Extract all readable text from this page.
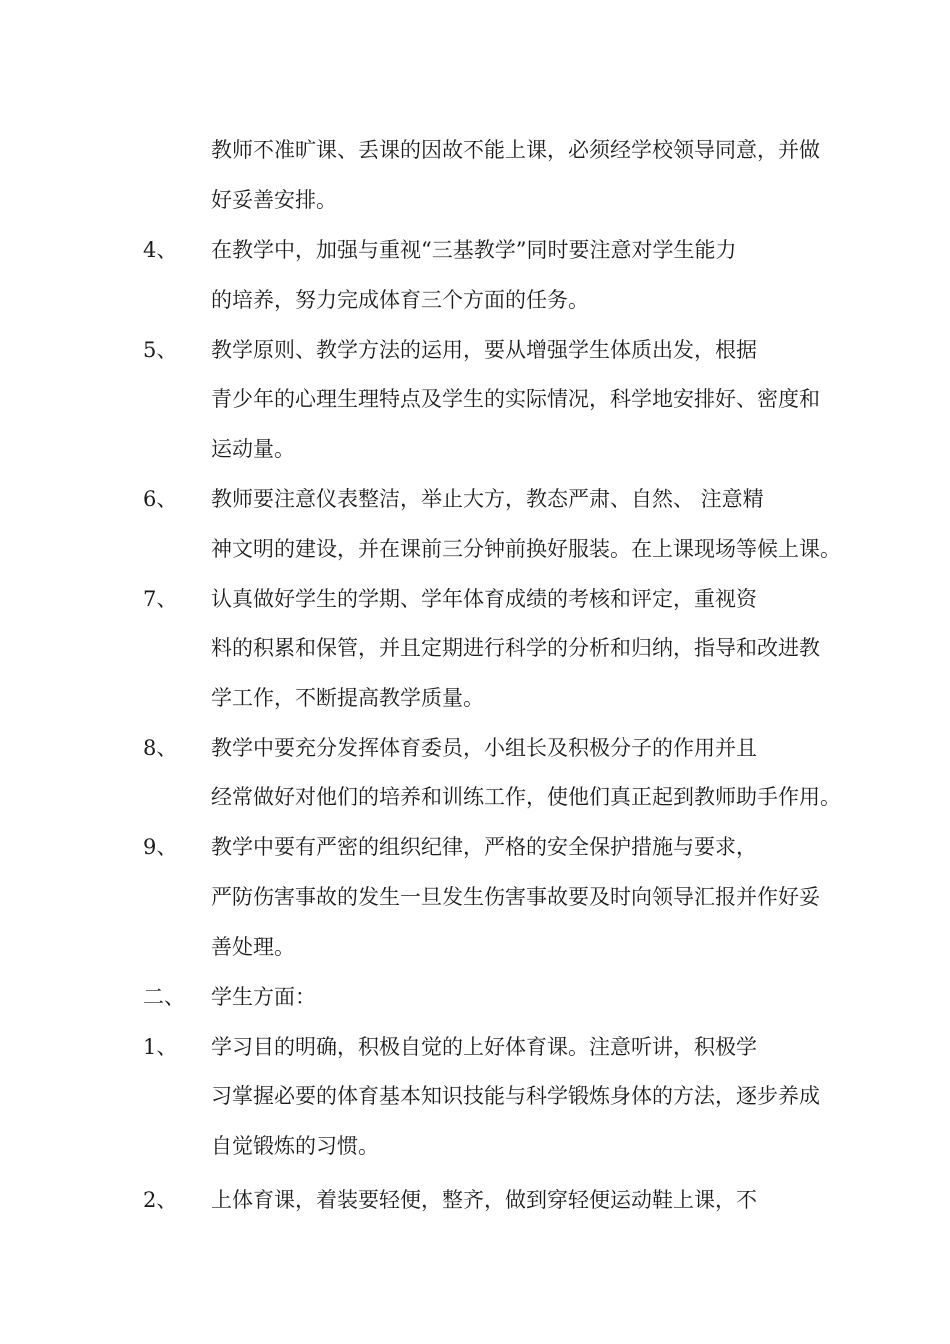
教师不准旷课、丢课的因故不能上课，必须经学校领导同意，并做
好妥善安排。
4、 在教学中，加强与重视“三基教学”同时要注意对学生能力
的培养，努力完成体育三个方面的任务。
5、 教学原则、教学方法的运用，要从增强学生体质出发，根据
青少年的心理生理特点及学生的实际情况，科学地安排好、密度和
运动量。
6、 教师要注意仪表整洁，举止大方，教态严肃、自然、 注意精
神文明的建设，并在课前三分钟前换好服装。在上课现场等候上课。
7、 认真做好学生的学期、学年体育成绩的考核和评定，重视资
料的积累和保管，并且定期进行科学的分析和归纳，指导和改进教
学工作，不断提高教学质量。
8、 教学中要充分发挥体育委员，小组长及积极分子的作用并且
经常做好对他们的培养和训练工作，使他们真正起到教师助手作用。
9、 教学中要有严密的组织纪律，严格的安全保护措施与要求，
严防伤害事故的发生一旦发生伤害事故要及时向领导汇报并作好妥
善处理。
二、 学生方面：
1、 学习目的明确，积极自觉的上好体育课。注意听讲，积极学
习掌握必要的体育基本知识技能与科学锻炼身体的方法，逐步养成
自觉锻炼的习惯。
2、 上体育课，着装要轻便，整齐，做到穿轻便运动鞋上课，不
